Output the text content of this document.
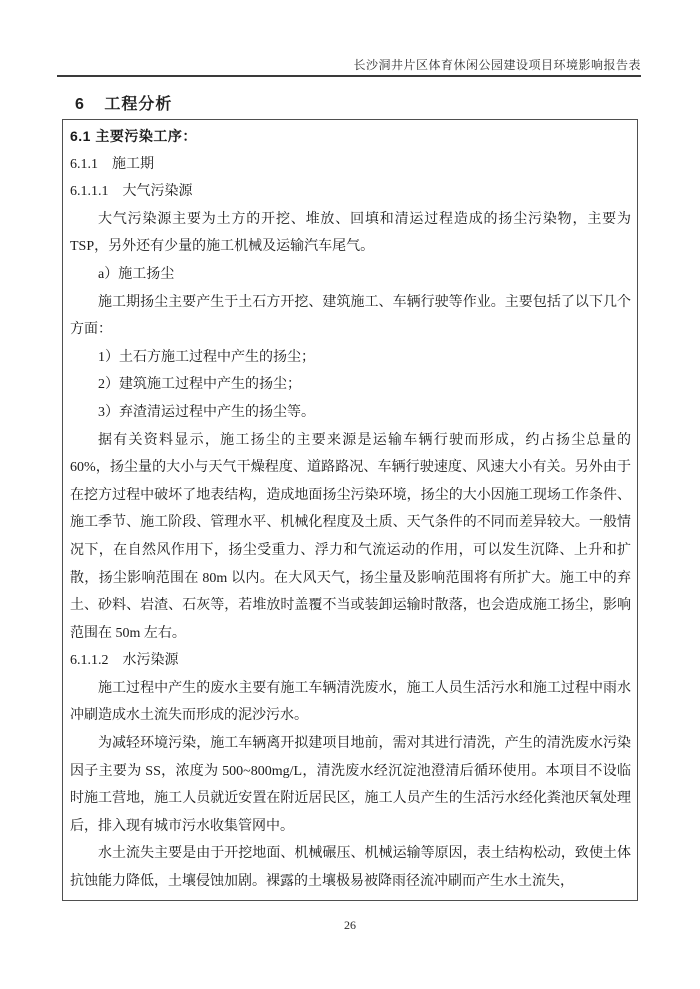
长沙洞井片区体育休闲公园建设项目环境影响报告表
6 工程分析
6.1 主要污染工序：
6.1.1　施工期
6.1.1.1　大气污染源
大气污染源主要为土方的开挖、堆放、回填和清运过程造成的扬尘污染物，主要为 TSP，另外还有少量的施工机械及运输汽车尾气。
a）施工扬尘
施工期扬尘主要产生于土石方开挖、建筑施工、车辆行驶等作业。主要包括了以下几个方面：
1）土石方施工过程中产生的扬尘；
2）建筑施工过程中产生的扬尘；
3）弃渣清运过程中产生的扬尘等。
据有关资料显示，施工扬尘的主要来源是运输车辆行驶而形成，约占扬尘总量的 60%，扬尘量的大小与天气干燥程度、道路路况、车辆行驶速度、风速大小有关。另外由于在挖方过程中破坏了地表结构，造成地面扬尘污染环境，扬尘的大小因施工现场工作条件、施工季节、施工阶段、管理水平、机械化程度及土质、天气条件的不同而差异较大。一般情况下，在自然风作用下，扬尘受重力、浮力和气流运动的作用，可以发生沉降、上升和扩散，扬尘影响范围在 80m 以内。在大风天气，扬尘量及影响范围将有所扩大。施工中的弃土、砂料、岩渣、石灰等，若堆放时盖覆不当或装卸运输时散落，也会造成施工扬尘，影响范围在 50m 左右。
6.1.1.2　水污染源
施工过程中产生的废水主要有施工车辆清洗废水，施工人员生活污水和施工过程中雨水冲刷造成水土流失而形成的泥沙污水。
为减轻环境污染，施工车辆离开拟建项目地前，需对其进行清洗，产生的清洗废水污染因子主要为 SS，浓度为 500~800mg/L，清洗废水经沉淀池澄清后循环使用。本项目不设临时施工营地，施工人员就近安置在附近居民区，施工人员产生的生活污水经化粪池厌氧处理后，排入现有城市污水收集管网中。
水土流失主要是由于开挖地面、机械碾压、机械运输等原因，表土结构松动，致使土体抗蚀能力降低，土壤侵蚀加剧。裸露的土壤极易被降雨径流冲刷而产生水土流失，
26
